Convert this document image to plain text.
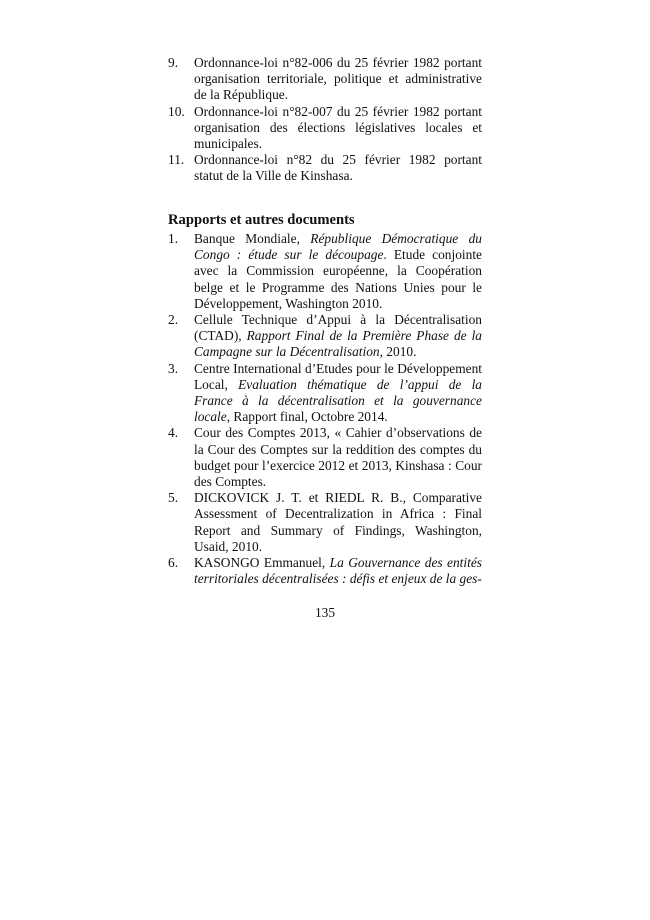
9. Ordonnance-loi n°82-006 du 25 février 1982 portant organisation territoriale, politique et administrative de la République.
10. Ordonnance-loi n°82-007 du 25 février 1982 portant organisation des élections législatives locales et municipales.
11. Ordonnance-loi n°82 du 25 février 1982 portant statut de la Ville de Kinshasa.
Rapports et autres documents
1. Banque Mondiale, République Démocratique du Congo : étude sur le découpage. Etude conjointe avec la Commission européenne, la Coopération belge et le Programme des Nations Unies pour le Développement, Washington 2010.
2. Cellule Technique d’Appui à la Décentralisation (CTAD), Rapport Final de la Première Phase de la Campagne sur la Décentralisation, 2010.
3. Centre International d’Etudes pour le Développement Local, Evaluation thématique de l’appui de la France à la décentralisation et la gouvernance locale, Rapport final, Octobre 2014.
4. Cour des Comptes 2013, « Cahier d’observations de la Cour des Comptes sur la reddition des comptes du budget pour l’exercice 2012 et 2013, Kinshasa : Cour des Comptes.
5. DICKOVICK J. T. et RIEDL R. B., Comparative Assessment of Decentralization in Africa : Final Report and Summary of Findings, Washington, Usaid, 2010.
6. KASONGO Emmanuel, La Gouvernance des entités territoriales décentralisées : défis et enjeux de la ges-
135
